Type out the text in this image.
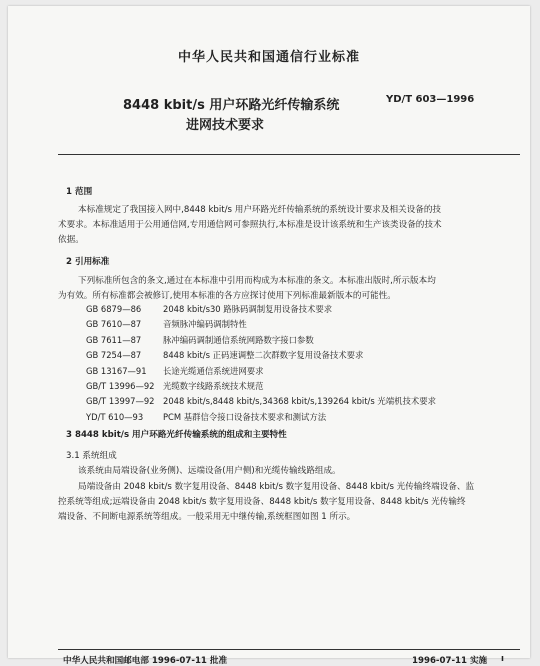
中华人民共和国通信行业标准
8448 kbit/s 用户环路光纤传输系统
进网技术要求
YD/T 603—1996
1 范围
本标准规定了我国接入网中,8448 kbit/s 用户环路光纤传输系统的系统设计要求及相关设备的技
术要求。本标准适用于公用通信网,专用通信网可参照执行,本标准是设计该系统和生产该类设备的技术
依据。
2 引用标准
下列标准所包含的条文,通过在本标准中引用而构成为本标准的条文。本标准出版时,所示版本均
为有效。所有标准都会被修订,使用本标准的各方应探讨使用下列标准最新版本的可能性。
GB 6879—86	2048 kbit/s30 路脉码调制复用设备技术要求
GB 7610—87	音频脉冲编码调制特性
GB 7611—87	脉冲编码调制通信系统网路数字接口参数
GB 7254—87	8448 kbit/s 正码速调整二次群数字复用设备技术要求
GB 13167—91 长途光缆通信系统进网要求
GB/T 13996—92 光缆数字线路系统技术规范
GB/T 13997—92 2048 kbit/s,8448 kbit/s,34368 kbit/s,139264 kbit/s 光端机技术要求
YD/T 610—93 PCM 基群信令接口设备技术要求和测试方法
3 8448 kbit/s 用户环路光纤传输系统的组成和主要特性
3.1 系统组成
该系统由局端设备(业务侧)、远端设备(用户侧)和光缆传输线路组成。
局端设备由 2048 kbit/s 数字复用设备、8448 kbit/s 数字复用设备、8448 kbit/s 光传输终端设备、监
控系统等组成;远端设备由 2048 kbit/s 数字复用设备、8448 kbit/s 数字复用设备、8448 kbit/s 光传输终
端设备、不间断电源系统等组成。一般采用无中继传输,系统框图如图 1 所示。
中华人民共和国邮电部 1996-07-11 批准	1996-07-11 实施 ı
